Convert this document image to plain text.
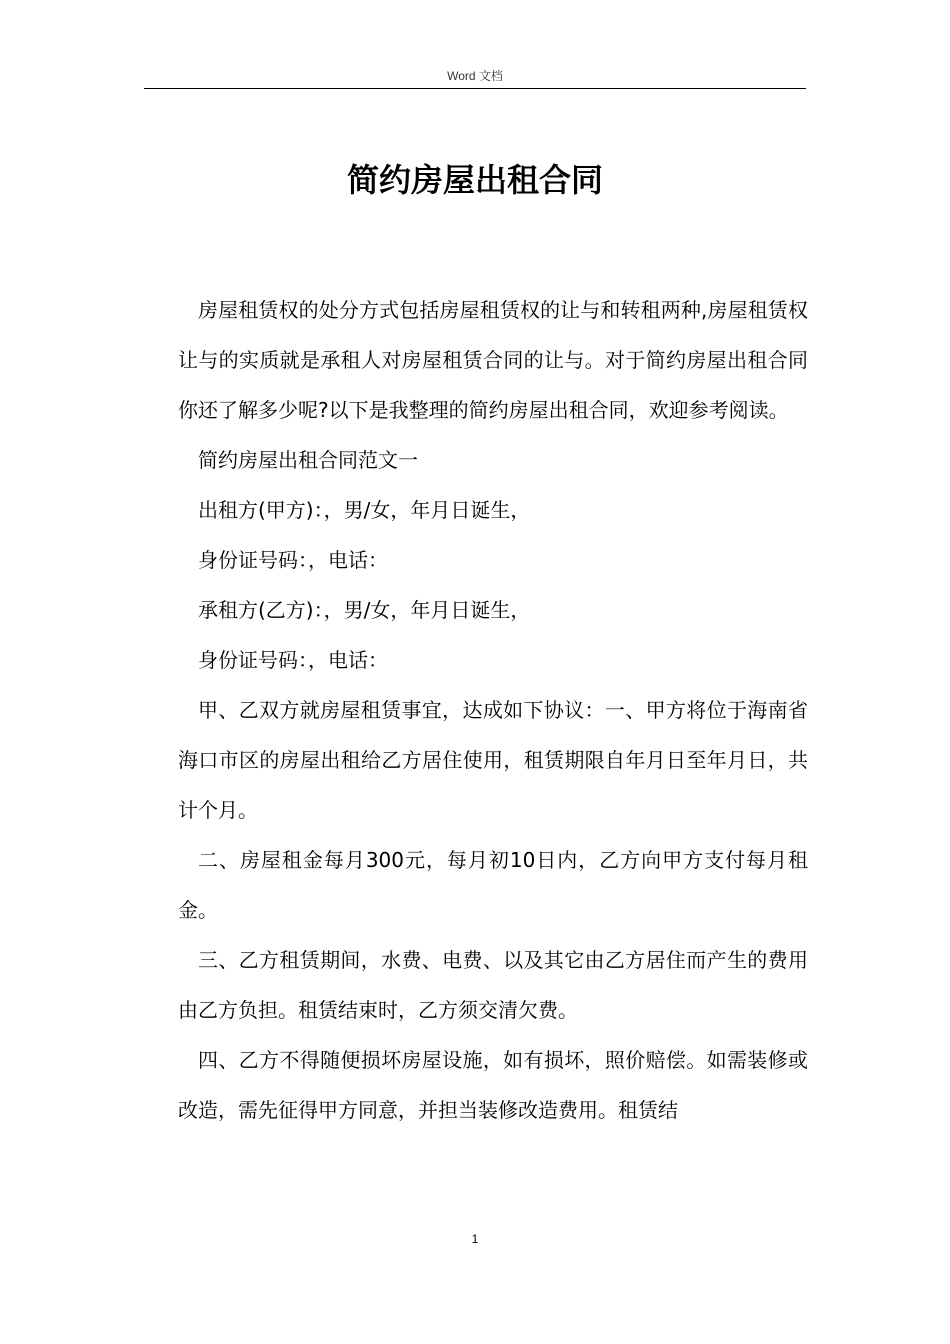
Word 文档
简约房屋出租合同

房屋租赁权的处分方式包括房屋租赁权的让与和转租两种,房屋租赁权让与的实质就是承租人对房屋租赁合同的让与。对于简约房屋出租合同你还了解多少呢?以下是我整理的简约房屋出租合同，欢迎参考阅读。

简约房屋出租合同范文一

出租方(甲方)：，男/女，年月日诞生，

身份证号码：，电话：

承租方(乙方)：，男/女，年月日诞生，

身份证号码：，电话：

甲、乙双方就房屋租赁事宜，达成如下协议：一、甲方将位于海南省海口市区的房屋出租给乙方居住使用，租赁期限自年月日至年月日，共计个月。

二、房屋租金每月300元，每月初10日内，乙方向甲方支付每月租金。

三、乙方租赁期间，水费、电费、以及其它由乙方居住而产生的费用由乙方负担。租赁结束时，乙方须交清欠费。

四、乙方不得随便损坏房屋设施，如有损坏，照价赔偿。如需装修或改造，需先征得甲方同意，并担当装修改造费用。租赁结

1
